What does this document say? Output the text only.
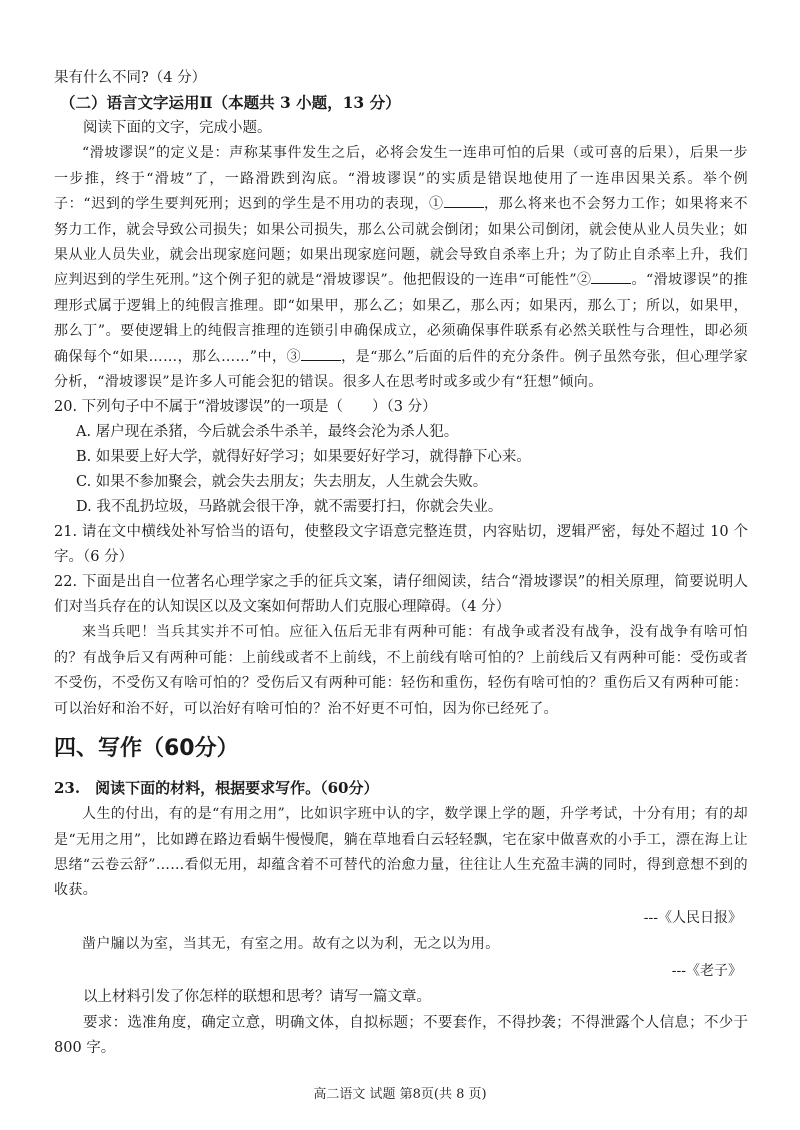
果有什么不同?（4 分）

（二）语言文字运用Ⅱ（本题共 3 小题，13 分）

阅读下面的文字，完成小题。

“滑坡谬误”的定义是：声称某事件发生之后，必将会发生一连串可怕的后果（或可喜的后果），后果一步一步推，终于“滑坡”了，一路滑跌到沟底。“滑坡谬误”的实质是错误地使用了一连串因果关系。举个例子：“迟到的学生要判死刑；迟到的学生是不用功的表现，①	，那么将来也不会努力工作；如果将来不努力工作，就会导致公司损失；如果公司损失，那么公司就会倒闭；如果公司倒闭，就会使从业人员失业；如果从业人员失业，就会出现家庭问题；如果出现家庭问题，就会导致自杀率上升；为了防止自杀率上升，我们应判迟到的学生死刑。”这个例子犯的就是“滑坡谬误”。他把假设的一连串“可能性”②	。“滑坡谬误”的推理形式属于逻辑上的纯假言推理。即“如果甲，那么乙；如果乙，那么丙；如果丙，那么丁；所以，如果甲，那么丁”。要使逻辑上的纯假言推理的连锁引申确保成立，必须确保事件联系有必然关联性与合理性，即必须确保每个“如果……，那么……”中，③	，是“那么”后面的后件的充分条件。例子虽然夸张，但心理学家分析，“滑坡谬误”是许多人可能会犯的错误。很多人在思考时或多或少有“狂想”倾向。

20. 下列句子中不属于“滑坡谬误”的一项是（　　）（3 分）

A. 屠户现在杀猪，今后就会杀牛杀羊，最终会沦为杀人犯。

B. 如果要上好大学，就得好好学习；如果要好好学习，就得静下心来。

C. 如果不参加聚会，就会失去朋友；失去朋友，人生就会失败。

D. 我不乱扔垃圾，马路就会很干净，就不需要打扫，你就会失业。

21. 请在文中横线处补写恰当的语句，使整段文字语意完整连贯，内容贴切，逻辑严密，每处不超过 10 个字。（6 分）

22. 下面是出自一位著名心理学家之手的征兵文案，请仔细阅读，结合“滑坡谬误”的相关原理，简要说明人们对当兵存在的认知误区以及文案如何帮助人们克服心理障碍。（4 分）

来当兵吧！当兵其实并不可怕。应征入伍后无非有两种可能：有战争或者没有战争，没有战争有啥可怕的？有战争后又有两种可能：上前线或者不上前线，不上前线有啥可怕的？上前线后又有两种可能：受伤或者不受伤，不受伤又有啥可怕的？受伤后又有两种可能：轻伤和重伤，轻伤有啥可怕的？重伤后又有两种可能：可以治好和治不好，可以治好有啥可怕的？治不好更不可怕，因为你已经死了。

四、写作（60分）

23.　阅读下面的材料，根据要求写作。（60分）

人生的付出，有的是“有用之用”，比如识字班中认的字，数学课上学的题，升学考试，十分有用；有的却是“无用之用”，比如蹲在路边看蜗牛慢慢爬，躺在草地看白云轻轻飘，宅在家中做喜欢的小手工，漂在海上让思绪“云卷云舒”……看似无用，却蕴含着不可替代的治愈力量，往往让人生充盈丰满的同时，得到意想不到的收获。

---《人民日报》

凿户牖以为室，当其无，有室之用。故有之以为利，无之以为用。

---《老子》

以上材料引发了你怎样的联想和思考？请写一篇文章。

要求：选准角度，确定立意，明确文体，自拟标题；不要套作，不得抄袭；不得泄露个人信息；不少于 800 字。

高二语文 试题 第8页(共 8 页)
